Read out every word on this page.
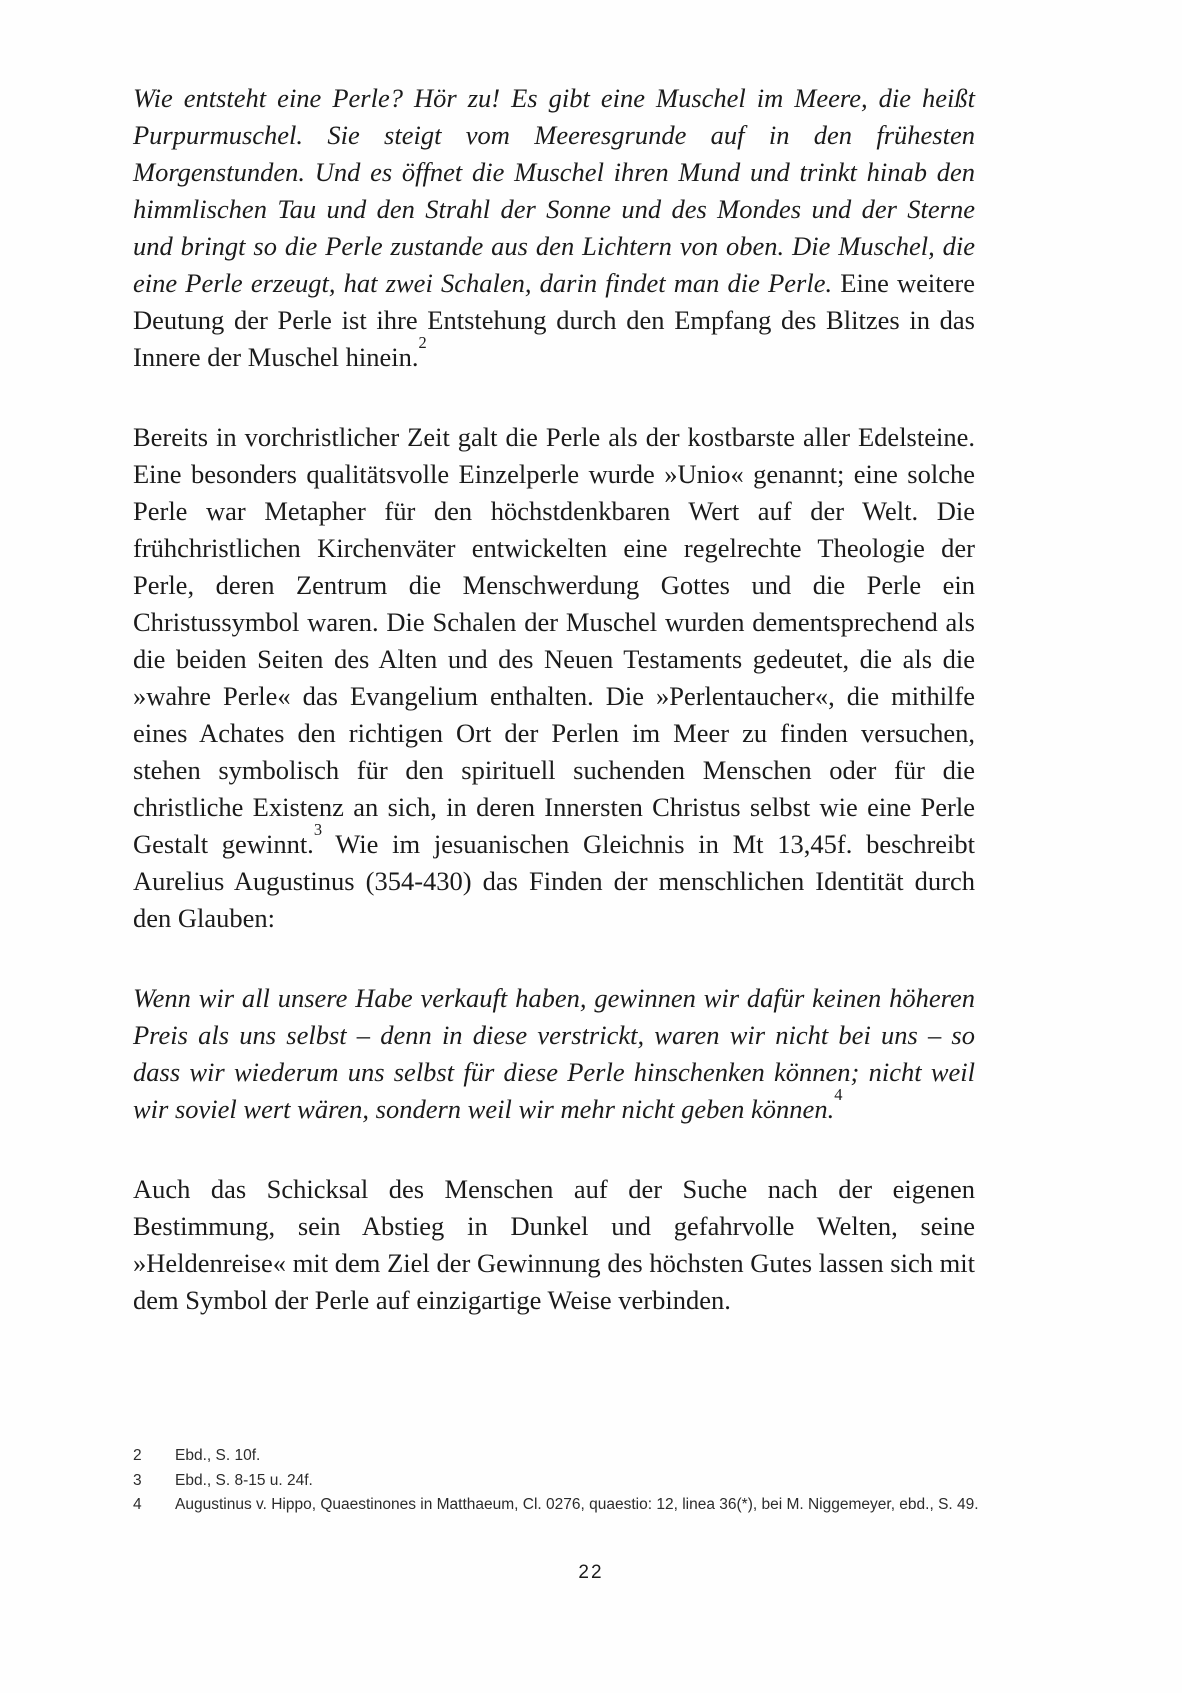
Wie entsteht eine Perle? Hör zu! Es gibt eine Muschel im Meere, die heißt Purpurmuschel. Sie steigt vom Meeresgrunde auf in den frühesten Morgenstunden. Und es öffnet die Muschel ihren Mund und trinkt hinab den himmlischen Tau und den Strahl der Sonne und des Mondes und der Sterne und bringt so die Perle zustande aus den Lichtern von oben. Die Muschel, die eine Perle erzeugt, hat zwei Schalen, darin findet man die Perle. Eine weitere Deutung der Perle ist ihre Entstehung durch den Empfang des Blitzes in das Innere der Muschel hinein.$^2$

Bereits in vorchristlicher Zeit galt die Perle als der kostbarste aller Edelsteine. Eine besonders qualitätsvolle Einzelperle wurde »Unio« genannt; eine solche Perle war Metapher für den höchstdenkbaren Wert auf der Welt. Die frühchristlichen Kirchenväter entwickelten eine regelrechte Theologie der Perle, deren Zentrum die Menschwerdung Gottes und die Perle ein Christussymbol waren. Die Schalen der Muschel wurden dementsprechend als die beiden Seiten des Alten und des Neuen Testaments gedeutet, die als die »wahre Perle« das Evangelium enthalten. Die »Perlentaucher«, die mithilfe eines Achates den richtigen Ort der Perlen im Meer zu finden versuchen, stehen symbolisch für den spirituell suchenden Menschen oder für die christliche Existenz an sich, in deren Innersten Christus selbst wie eine Perle Gestalt gewinnt.$^3$ Wie im jesuanischen Gleichnis in Mt 13,45f. beschreibt Aurelius Augustinus (354-430) das Finden der menschlichen Identität durch den Glauben:

Wenn wir all unsere Habe verkauft haben, gewinnen wir dafür keinen höheren Preis als uns selbst – denn in diese verstrickt, waren wir nicht bei uns – so dass wir wiederum uns selbst für diese Perle hinschenken können; nicht weil wir soviel wert wären, sondern weil wir mehr nicht geben können.$^4$

Auch das Schicksal des Menschen auf der Suche nach der eigenen Bestimmung, sein Abstieg in Dunkel und gefahrvolle Welten, seine »Heldenreise« mit dem Ziel der Gewinnung des höchsten Gutes lassen sich mit dem Symbol der Perle auf einzigartige Weise verbinden.

2	Ebd., S. 10f.
3	Ebd., S. 8-15 u. 24f.
4	Augustinus v. Hippo, Quaestinones in Matthaeum, Cl. 0276, quaestio: 12, linea 36(*), bei M. Niggemeyer, ebd., S. 49.
22
